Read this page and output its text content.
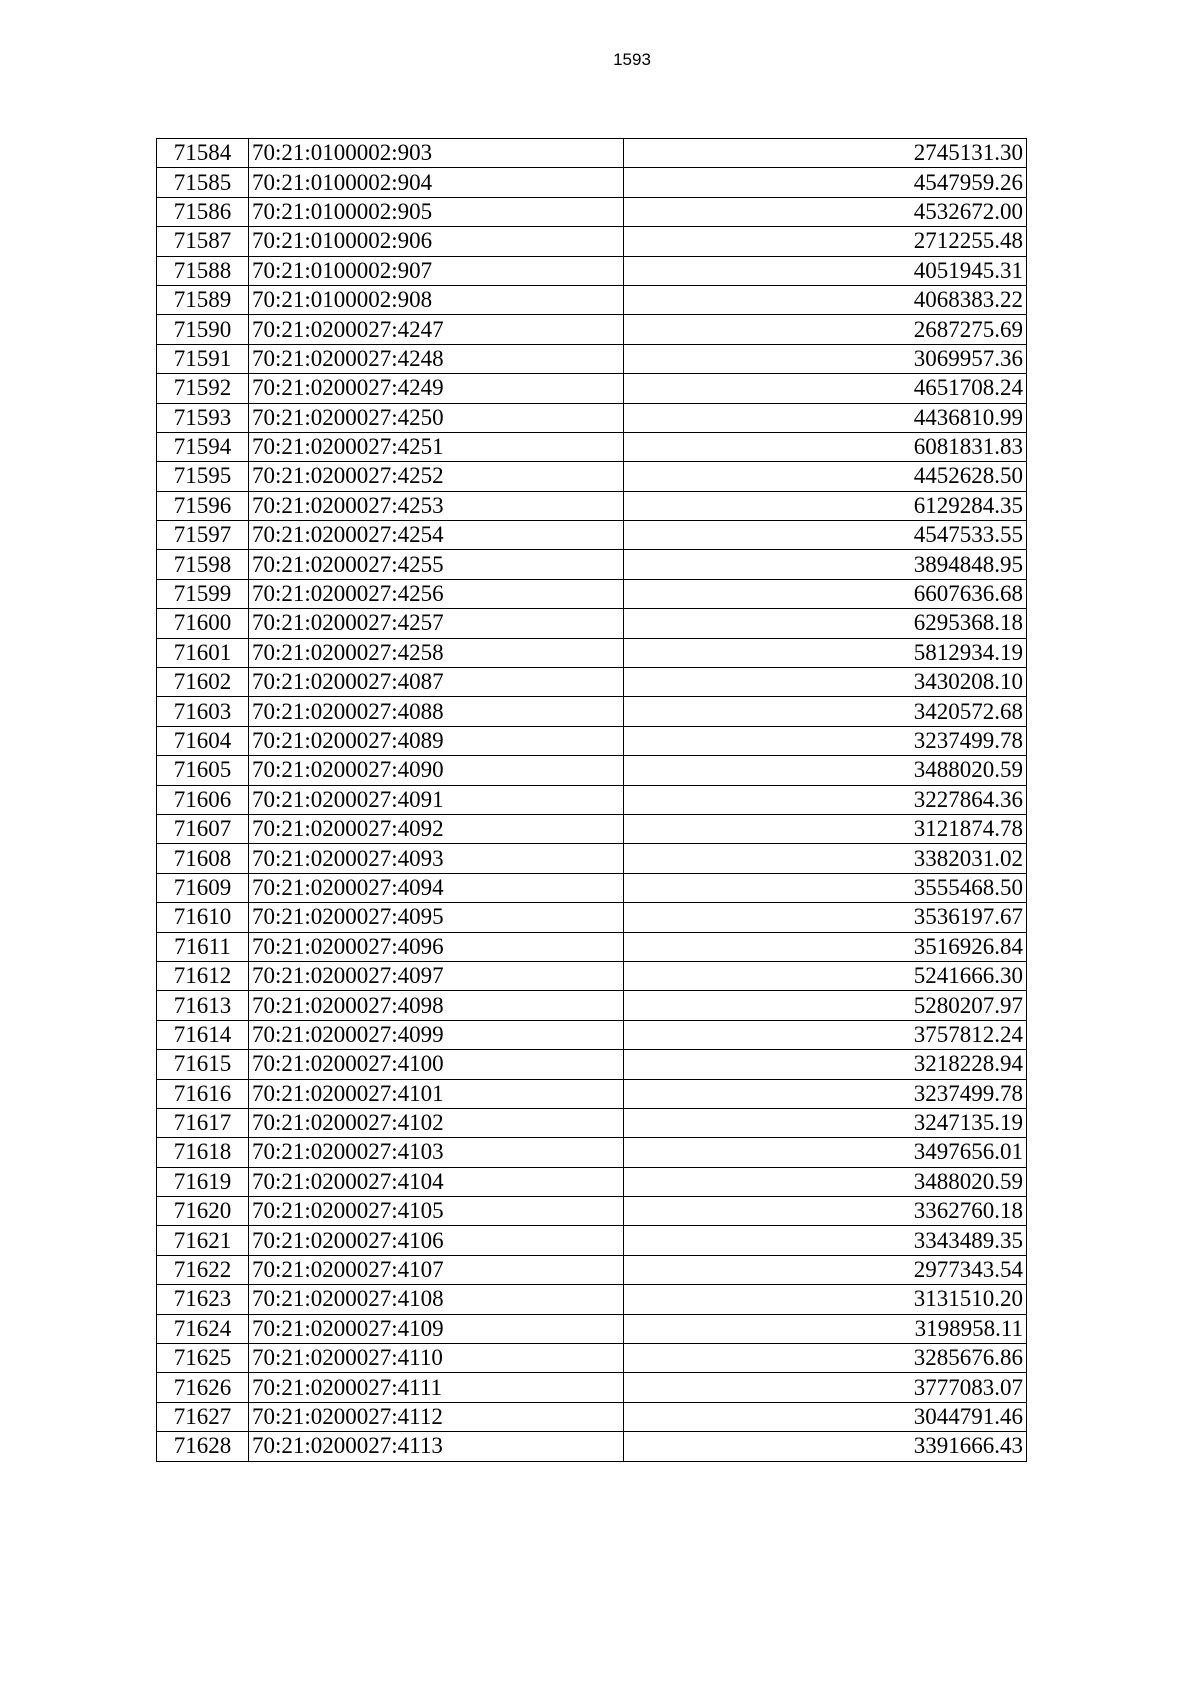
1593
71584	70:21:0100002:903	2745131.30
71585	70:21:0100002:904	4547959.26
71586	70:21:0100002:905	4532672.00
71587	70:21:0100002:906	2712255.48
71588	70:21:0100002:907	4051945.31
71589	70:21:0100002:908	4068383.22
71590	70:21:0200027:4247	2687275.69
71591	70:21:0200027:4248	3069957.36
71592	70:21:0200027:4249	4651708.24
71593	70:21:0200027:4250	4436810.99
71594	70:21:0200027:4251	6081831.83
71595	70:21:0200027:4252	4452628.50
71596	70:21:0200027:4253	6129284.35
71597	70:21:0200027:4254	4547533.55
71598	70:21:0200027:4255	3894848.95
71599	70:21:0200027:4256	6607636.68
71600	70:21:0200027:4257	6295368.18
71601	70:21:0200027:4258	5812934.19
71602	70:21:0200027:4087	3430208.10
71603	70:21:0200027:4088	3420572.68
71604	70:21:0200027:4089	3237499.78
71605	70:21:0200027:4090	3488020.59
71606	70:21:0200027:4091	3227864.36
71607	70:21:0200027:4092	3121874.78
71608	70:21:0200027:4093	3382031.02
71609	70:21:0200027:4094	3555468.50
71610	70:21:0200027:4095	3536197.67
71611	70:21:0200027:4096	3516926.84
71612	70:21:0200027:4097	5241666.30
71613	70:21:0200027:4098	5280207.97
71614	70:21:0200027:4099	3757812.24
71615	70:21:0200027:4100	3218228.94
71616	70:21:0200027:4101	3237499.78
71617	70:21:0200027:4102	3247135.19
71618	70:21:0200027:4103	3497656.01
71619	70:21:0200027:4104	3488020.59
71620	70:21:0200027:4105	3362760.18
71621	70:21:0200027:4106	3343489.35
71622	70:21:0200027:4107	2977343.54
71623	70:21:0200027:4108	3131510.20
71624	70:21:0200027:4109	3198958.11
71625	70:21:0200027:4110	3285676.86
71626	70:21:0200027:4111	3777083.07
71627	70:21:0200027:4112	3044791.46
71628	70:21:0200027:4113	3391666.43
